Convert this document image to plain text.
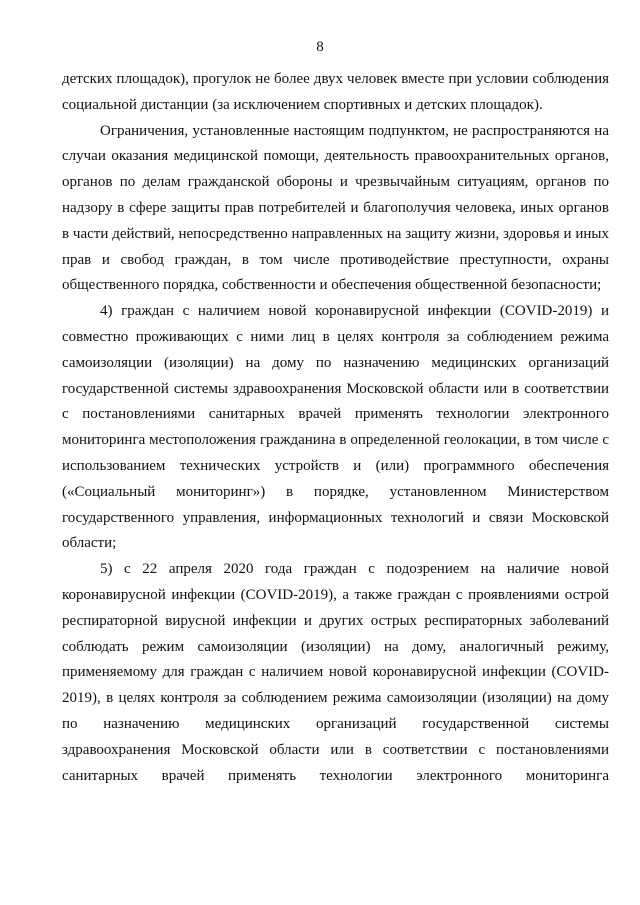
8

детских площадок), прогулок не более двух человек вместе при условии соблюдения социальной дистанции (за исключением спортивных и детских площадок).

Ограничения, установленные настоящим подпунктом, не распространяются на случаи оказания медицинской помощи, деятельность правоохранительных органов, органов по делам гражданской обороны и чрезвычайным ситуациям, органов по надзору в сфере защиты прав потребителей и благополучия человека, иных органов в части действий, непосредственно направленных на защиту жизни, здоровья и иных прав и свобод граждан, в том числе противодействие преступности, охраны общественного порядка, собственности и обеспечения общественной безопасности;

4) граждан с наличием новой коронавирусной инфекции (COVID-2019) и совместно проживающих с ними лиц в целях контроля за соблюдением режима самоизоляции (изоляции) на дому по назначению медицинских организаций государственной системы здравоохранения Московской области или в соответствии с постановлениями санитарных врачей применять технологии электронного мониторинга местоположения гражданина в определенной геолокации, в том числе с использованием технических устройств и (или) программного обеспечения («Социальный мониторинг») в порядке, установленном Министерством государственного управления, информационных технологий и связи Московской области;

5) с 22 апреля 2020 года граждан с подозрением на наличие новой коронавирусной инфекции (COVID-2019), а также граждан с проявлениями острой респираторной вирусной инфекции и других острых респираторных заболеваний соблюдать режим самоизоляции (изоляции) на дому, аналогичный режиму, применяемому для граждан с наличием новой коронавирусной инфекции (COVID-2019), в целях контроля за соблюдением режима самоизоляции (изоляции) на дому по назначению медицинских организаций государственной системы здравоохранения Московской области или в соответствии с постановлениями санитарных врачей применять технологии электронного мониторинга
